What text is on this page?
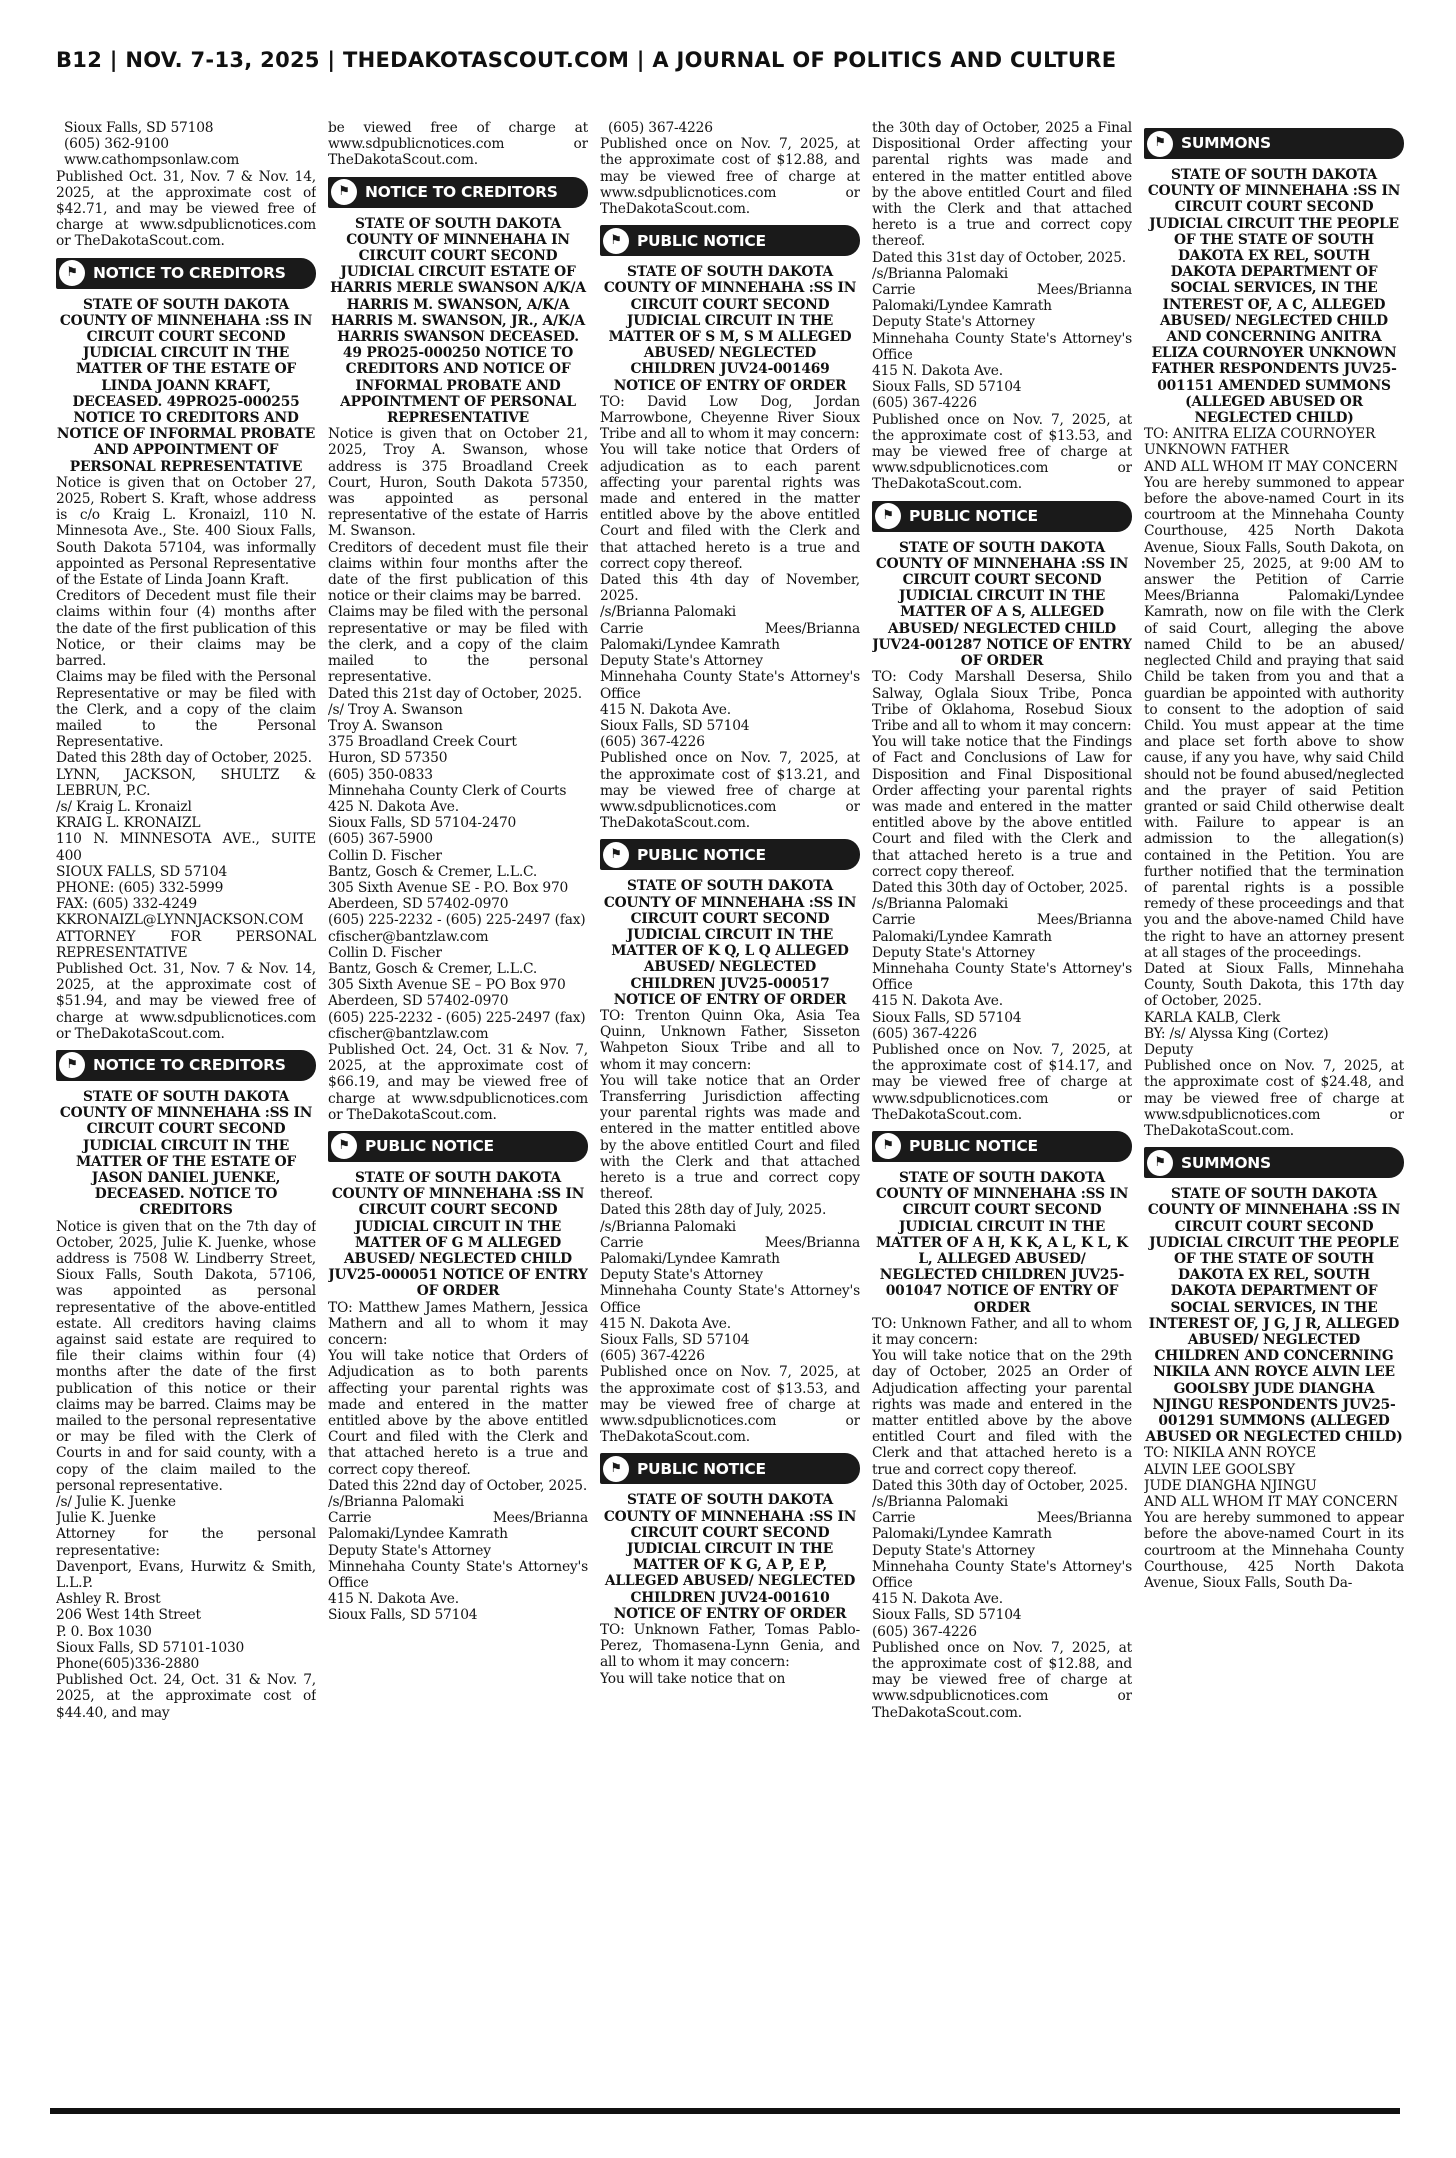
B12 | NOV. 7-13, 2025 | THEDAKOTASCOUT.COM | A JOURNAL OF POLITICS AND CULTURE

Sioux Falls, SD 57108

(605) 362-9100

www.cathompsonlaw.com

Published Oct. 31, Nov. 7 & Nov. 14, 2025, at the approximate cost of $42.71, and may be viewed free of charge at www.sdpublicnotices.com or TheDakotaScout.com.

⚑ NOTICE TO CREDITORS

STATE OF SOUTH DAKOTA COUNTY OF MINNEHAHA :SS IN CIRCUIT COURT SECOND JUDICIAL CIRCUIT IN THE MATTER OF THE ESTATE OF LINDA JOANN KRAFT, DECEASED. 49PRO25-000255 NOTICE TO CREDITORS AND NOTICE OF INFORMAL PROBATE AND APPOINTMENT OF PERSONAL REPRESENTATIVE

Notice is given that on October 27, 2025, Robert S. Kraft, whose address is c/o Kraig L. Kronaizl, 110 N. Minnesota Ave., Ste. 400 Sioux Falls, South Dakota 57104, was informally appointed as Personal Representative of the Estate of Linda Joann Kraft.

Creditors of Decedent must file their claims within four (4) months after the date of the first publication of this Notice, or their claims may be barred.

Claims may be filed with the Personal Representative or may be filed with the Clerk, and a copy of the claim mailed to the Personal Representative.

Dated this 28th day of October, 2025.

LYNN, JACKSON, SHULTZ & LEBRUN, P.C.

/s/ Kraig L. Kronaizl

KRAIG L. KRONAIZL

110 N. MINNESOTA AVE., SUITE 400

SIOUX FALLS, SD 57104

PHONE: (605) 332-5999

FAX: (605) 332-4249

KKRONAIZL@LYNNJACKSON.COM

ATTORNEY FOR PERSONAL REPRESENTATIVE

Published Oct. 31, Nov. 7 & Nov. 14, 2025, at the approximate cost of $51.94, and may be viewed free of charge at www.sdpublicnotices.com or TheDakotaScout.com.

⚑ NOTICE TO CREDITORS

STATE OF SOUTH DAKOTA COUNTY OF MINNEHAHA :SS IN CIRCUIT COURT SECOND JUDICIAL CIRCUIT IN THE MATTER OF THE ESTATE OF JASON DANIEL JUENKE, DECEASED. NOTICE TO CREDITORS

Notice is given that on the 7th day of October, 2025, Julie K. Juenke, whose address is 7508 W. Lindberry Street, Sioux Falls, South Dakota, 57106, was appointed as personal representative of the above-entitled estate. All creditors having claims against said estate are required to file their claims within four (4) months after the date of the first publication of this notice or their claims may be barred. Claims may be mailed to the personal representative or may be filed with the Clerk of Courts in and for said county, with a copy of the claim mailed to the personal representative.

/s/ Julie K. Juenke

Julie K. Juenke

Attorney for the personal representative:

Davenport, Evans, Hurwitz & Smith, L.L.P.

Ashley R. Brost

206 West 14th Street

P. 0. Box 1030

Sioux Falls, SD 57101-1030

Phone(605)336-2880

Published Oct. 24, Oct. 31 & Nov. 7, 2025, at the approximate cost of $44.40, and may

be viewed free of charge at www.sdpublicnotices.com or TheDakotaScout.com.

⚑ NOTICE TO CREDITORS

STATE OF SOUTH DAKOTA COUNTY OF MINNEHAHA IN CIRCUIT COURT SECOND JUDICIAL CIRCUIT ESTATE OF HARRIS MERLE SWANSON A/K/A HARRIS M. SWANSON, A/K/A HARRIS M. SWANSON, JR., A/K/A HARRIS SWANSON DECEASED. 49 PRO25-000250 NOTICE TO CREDITORS AND NOTICE OF INFORMAL PROBATE AND APPOINTMENT OF PERSONAL REPRESENTATIVE

Notice is given that on October 21, 2025, Troy A. Swanson, whose address is 375 Broadland Creek Court, Huron, South Dakota 57350, was appointed as personal representative of the estate of Harris M. Swanson.

Creditors of decedent must file their claims within four months after the date of the first publication of this notice or their claims may be barred.

Claims may be filed with the personal representative or may be filed with the clerk, and a copy of the claim mailed to the personal representative.

Dated this 21st day of October, 2025.

/s/ Troy A. Swanson

Troy A. Swanson

375 Broadland Creek Court

Huron, SD 57350

(605) 350-0833

Minnehaha County Clerk of Courts

425 N. Dakota Ave.

Sioux Falls, SD 57104-2470

(605) 367-5900

Collin D. Fischer

Bantz, Gosch & Cremer, L.L.C.

305 Sixth Avenue SE - P.O. Box 970

Aberdeen, SD 57402-0970

(605) 225-2232 - (605) 225-2497 (fax)

cfischer@bantzlaw.com

Collin D. Fischer

Bantz, Gosch & Cremer, L.L.C.

305 Sixth Avenue SE – PO Box 970

Aberdeen, SD 57402-0970

(605) 225-2232 - (605) 225-2497 (fax)

cfischer@bantzlaw.com

Published Oct. 24, Oct. 31 & Nov. 7, 2025, at the approximate cost of $66.19, and may be viewed free of charge at www.sdpublicnotices.com or TheDakotaScout.com.

⚑ PUBLIC NOTICE

STATE OF SOUTH DAKOTA COUNTY OF MINNEHAHA :SS IN CIRCUIT COURT SECOND JUDICIAL CIRCUIT IN THE MATTER OF G M ALLEGED ABUSED/ NEGLECTED CHILD JUV25-000051 NOTICE OF ENTRY OF ORDER

TO: Matthew James Mathern, Jessica Mathern and all to whom it may concern:

You will take notice that Orders of Adjudication as to both parents affecting your parental rights was made and entered in the matter entitled above by the above entitled Court and filed with the Clerk and that attached hereto is a true and correct copy thereof.

Dated this 22nd day of October, 2025.

/s/Brianna Palomaki

Carrie Mees/Brianna Palomaki/Lyndee Kamrath

Deputy State's Attorney

Minnehaha County State's Attorney's Office

415 N. Dakota Ave.

Sioux Falls, SD 57104

(605) 367-4226

Published once on Nov. 7, 2025, at the approximate cost of $12.88, and may be viewed free of charge at www.sdpublicnotices.com or TheDakotaScout.com.

⚑ PUBLIC NOTICE

STATE OF SOUTH DAKOTA COUNTY OF MINNEHAHA :SS IN CIRCUIT COURT SECOND JUDICIAL CIRCUIT IN THE MATTER OF S M, S M ALLEGED ABUSED/ NEGLECTED CHILDREN JUV24-001469 NOTICE OF ENTRY OF ORDER

TO: David Low Dog, Jordan Marrowbone, Cheyenne River Sioux Tribe and all to whom it may concern:

You will take notice that Orders of adjudication as to each parent affecting your parental rights was made and entered in the matter entitled above by the above entitled Court and filed with the Clerk and that attached hereto is a true and correct copy thereof.

Dated this 4th day of November, 2025.

/s/Brianna Palomaki

Carrie Mees/Brianna Palomaki/Lyndee Kamrath

Deputy State's Attorney

Minnehaha County State's Attorney's Office

415 N. Dakota Ave.

Sioux Falls, SD 57104

(605) 367-4226

Published once on Nov. 7, 2025, at the approximate cost of $13.21, and may be viewed free of charge at www.sdpublicnotices.com or TheDakotaScout.com.

⚑ PUBLIC NOTICE

STATE OF SOUTH DAKOTA COUNTY OF MINNEHAHA :SS IN CIRCUIT COURT SECOND JUDICIAL CIRCUIT IN THE MATTER OF K Q, L Q ALLEGED ABUSED/ NEGLECTED CHILDREN JUV25-000517 NOTICE OF ENTRY OF ORDER

TO: Trenton Quinn Oka, Asia Tea Quinn, Unknown Father, Sisseton Wahpeton Sioux Tribe and all to whom it may concern:

You will take notice that an Order Transferring Jurisdiction affecting your parental rights was made and entered in the matter entitled above by the above entitled Court and filed with the Clerk and that attached hereto is a true and correct copy thereof.

Dated this 28th day of July, 2025.

/s/Brianna Palomaki

Carrie Mees/Brianna Palomaki/Lyndee Kamrath

Deputy State's Attorney

Minnehaha County State's Attorney's Office

415 N. Dakota Ave.

Sioux Falls, SD 57104

(605) 367-4226

Published once on Nov. 7, 2025, at the approximate cost of $13.53, and may be viewed free of charge at www.sdpublicnotices.com or TheDakotaScout.com.

⚑ PUBLIC NOTICE

STATE OF SOUTH DAKOTA COUNTY OF MINNEHAHA :SS IN CIRCUIT COURT SECOND JUDICIAL CIRCUIT IN THE MATTER OF K G, A P, E P, ALLEGED ABUSED/ NEGLECTED CHILDREN JUV24-001610 NOTICE OF ENTRY OF ORDER

TO: Unknown Father, Tomas Pablo-Perez, Thomasena-Lynn Genia, and all to whom it may concern:

You will take notice that on

the 30th day of October, 2025 a Final Dispositional Order affecting your parental rights was made and entered in the matter entitled above by the above entitled Court and filed with the Clerk and that attached hereto is a true and correct copy thereof.

Dated this 31st day of October, 2025.

/s/Brianna Palomaki

Carrie Mees/Brianna Palomaki/Lyndee Kamrath

Deputy State's Attorney

Minnehaha County State's Attorney's Office

415 N. Dakota Ave.

Sioux Falls, SD 57104

(605) 367-4226

Published once on Nov. 7, 2025, at the approximate cost of $13.53, and may be viewed free of charge at www.sdpublicnotices.com or TheDakotaScout.com.

⚑ PUBLIC NOTICE

STATE OF SOUTH DAKOTA COUNTY OF MINNEHAHA :SS IN CIRCUIT COURT SECOND JUDICIAL CIRCUIT IN THE MATTER OF A S, ALLEGED ABUSED/ NEGLECTED CHILD JUV24-001287 NOTICE OF ENTRY OF ORDER

TO: Cody Marshall Desersa, Shilo Salway, Oglala Sioux Tribe, Ponca Tribe of Oklahoma, Rosebud Sioux Tribe and all to whom it may concern:

You will take notice that the Findings of Fact and Conclusions of Law for Disposition and Final Dispositional Order affecting your parental rights was made and entered in the matter entitled above by the above entitled Court and filed with the Clerk and that attached hereto is a true and correct copy thereof.

Dated this 30th day of October, 2025.

/s/Brianna Palomaki

Carrie Mees/Brianna Palomaki/Lyndee Kamrath

Deputy State's Attorney

Minnehaha County State's Attorney's Office

415 N. Dakota Ave.

Sioux Falls, SD 57104

(605) 367-4226

Published once on Nov. 7, 2025, at the approximate cost of $14.17, and may be viewed free of charge at www.sdpublicnotices.com or TheDakotaScout.com.

⚑ PUBLIC NOTICE

STATE OF SOUTH DAKOTA COUNTY OF MINNEHAHA :SS IN CIRCUIT COURT SECOND JUDICIAL CIRCUIT IN THE MATTER OF A H, K K, A L, K L, K L, ALLEGED ABUSED/ NEGLECTED CHILDREN JUV25-001047 NOTICE OF ENTRY OF ORDER

TO: Unknown Father, and all to whom it may concern:

You will take notice that on the 29th day of October, 2025 an Order of Adjudication affecting your parental rights was made and entered in the matter entitled above by the above entitled Court and filed with the Clerk and that attached hereto is a true and correct copy thereof.

Dated this 30th day of October, 2025.

/s/Brianna Palomaki

Carrie Mees/Brianna Palomaki/Lyndee Kamrath

Deputy State's Attorney

Minnehaha County State's Attorney's Office

415 N. Dakota Ave.

Sioux Falls, SD 57104

(605) 367-4226

Published once on Nov. 7, 2025, at the approximate cost of $12.88, and may be viewed free of charge at www.sdpublicnotices.com or TheDakotaScout.com.

⚑ SUMMONS

STATE OF SOUTH DAKOTA COUNTY OF MINNEHAHA :SS IN CIRCUIT COURT SECOND JUDICIAL CIRCUIT THE PEOPLE OF THE STATE OF SOUTH DAKOTA EX REL, SOUTH DAKOTA DEPARTMENT OF SOCIAL SERVICES, IN THE INTEREST OF, A C, ALLEGED ABUSED/ NEGLECTED CHILD AND CONCERNING ANITRA ELIZA COURNOYER UNKNOWN FATHER RESPONDENTS JUV25-001151 AMENDED SUMMONS (ALLEGED ABUSED OR NEGLECTED CHILD)

TO: ANITRA ELIZA COURNOYER

UNKNOWN FATHER

AND ALL WHOM IT MAY CONCERN

You are hereby summoned to appear before the above-named Court in its courtroom at the Minnehaha County Courthouse, 425 North Dakota Avenue, Sioux Falls, South Dakota, on November 25, 2025, at 9:00 AM to answer the Petition of Carrie Mees/Brianna Palomaki/Lyndee Kamrath, now on file with the Clerk of said Court, alleging the above named Child to be an abused/ neglected Child and praying that said Child be taken from you and that a guardian be appointed with authority to consent to the adoption of said Child. You must appear at the time and place set forth above to show cause, if any you have, why said Child should not be found abused/neglected and the prayer of said Petition granted or said Child otherwise dealt with. Failure to appear is an admission to the allegation(s) contained in the Petition. You are further notified that the termination of parental rights is a possible remedy of these proceedings and that you and the above-named Child have the right to have an attorney present at all stages of the proceedings.

Dated at Sioux Falls, Minnehaha County, South Dakota, this 17th day of October, 2025.

KARLA KALB, Clerk

BY: /s/ Alyssa King (Cortez)

Deputy

Published once on Nov. 7, 2025, at the approximate cost of $24.48, and may be viewed free of charge at www.sdpublicnotices.com or TheDakotaScout.com.

⚑ SUMMONS

STATE OF SOUTH DAKOTA COUNTY OF MINNEHAHA :SS IN CIRCUIT COURT SECOND JUDICIAL CIRCUIT THE PEOPLE OF THE STATE OF SOUTH DAKOTA EX REL, SOUTH DAKOTA DEPARTMENT OF SOCIAL SERVICES, IN THE INTEREST OF, J G, J R, ALLEGED ABUSED/ NEGLECTED CHILDREN AND CONCERNING NIKILA ANN ROYCE ALVIN LEE GOOLSBY JUDE DIANGHA NJINGU RESPONDENTS JUV25-001291 SUMMONS (ALLEGED ABUSED OR NEGLECTED CHILD)

TO: NIKILA ANN ROYCE

ALVIN LEE GOOLSBY

JUDE DIANGHA NJINGU

AND ALL WHOM IT MAY CONCERN

You are hereby summoned to appear before the above-named Court in its courtroom at the Minnehaha County Courthouse, 425 North Dakota Avenue, Sioux Falls, South Da-
